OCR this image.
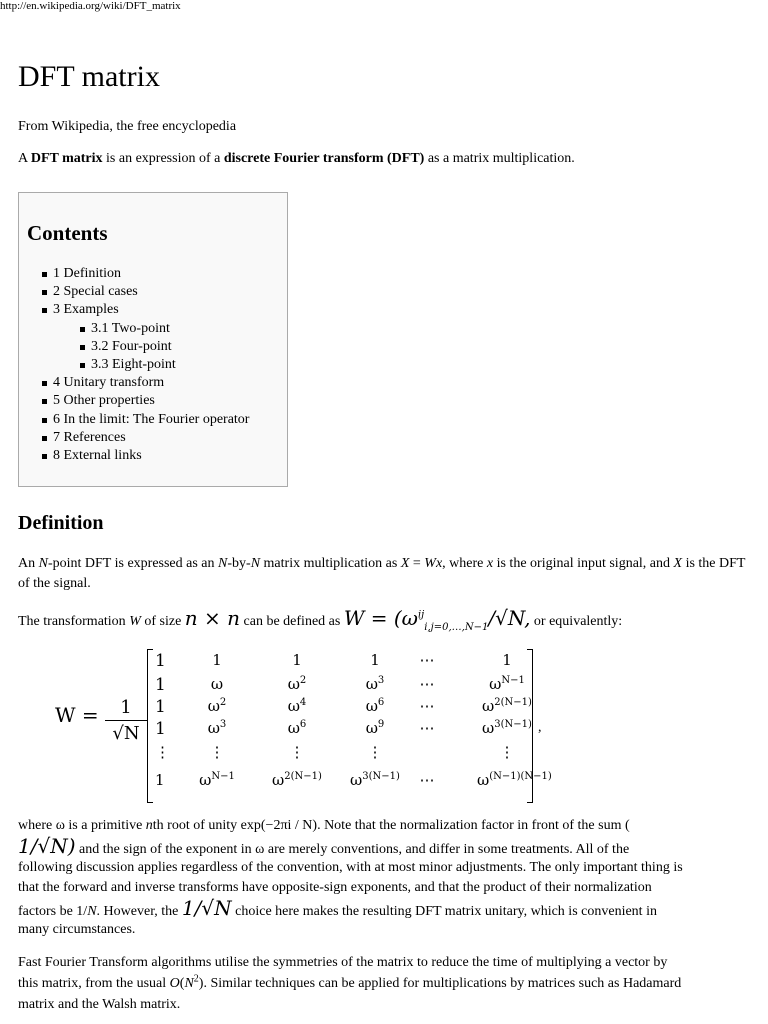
http://en.wikipedia.org/wiki/DFT_matrix
DFT matrix

From Wikipedia, the free encyclopedia

A DFT matrix is an expression of a discrete Fourier transform (DFT) as a matrix multiplication.

Contents
1 Definition
2 Special cases
3 Examples
3.1 Two-point
3.2 Four-point
3.3 Eight-point
4 Unitary transform
5 Other properties
6 In the limit: The Fourier operator
7 References
8 External links
Definition

An N-point DFT is expressed as an N-by-N matrix multiplication as X = Wx, where x is the original input signal, and X is the DFT of the signal.

The transformation W of size n × n can be defined as $W = (\omega^{ij}_{i,j=0,\dots,N-1}/√N$, or equivalently:

W =	1
√N
1	1	1	1	⋯	1
1	ω	$\omega^2$	$\omega^3$	⋯	$\omega^{N-1}$
1	$\omega^2$	$\omega^4$	$\omega^6$	⋯	$\omega^{2(N-1)}$
1	$\omega^3$	$\omega^6$	$\omega^9$	⋯	$\omega^{3(N-1)}$
⋮	⋮	⋮	⋮	⋮
1 $\omega^{N-1}$	$\omega^{2(N-1)}$	$\omega^{3(N-1)}$	⋯	$\omega^{(N-1)(N-1)}$
,
where ω is a primitive nth root of unity exp(−2πi / N). Note that the normalization factor in front of the sum (
1/√N) and the sign of the exponent in ω are merely conventions, and differ in some treatments. All of the
following discussion applies regardless of the convention, with at most minor adjustments. The only important thing is
that the forward and inverse transforms have opposite-sign exponents, and that the product of their normalization
factors be 1/N. However, the 1/√N choice here makes the resulting DFT matrix unitary, which is convenient in
many circumstances.
Fast Fourier Transform algorithms utilise the symmetries of the matrix to reduce the time of multiplying a vector by
this matrix, from the usual $O(N^2)$. Similar techniques can be applied for multiplications by matrices such as Hadamard
matrix and the Walsh matrix.
